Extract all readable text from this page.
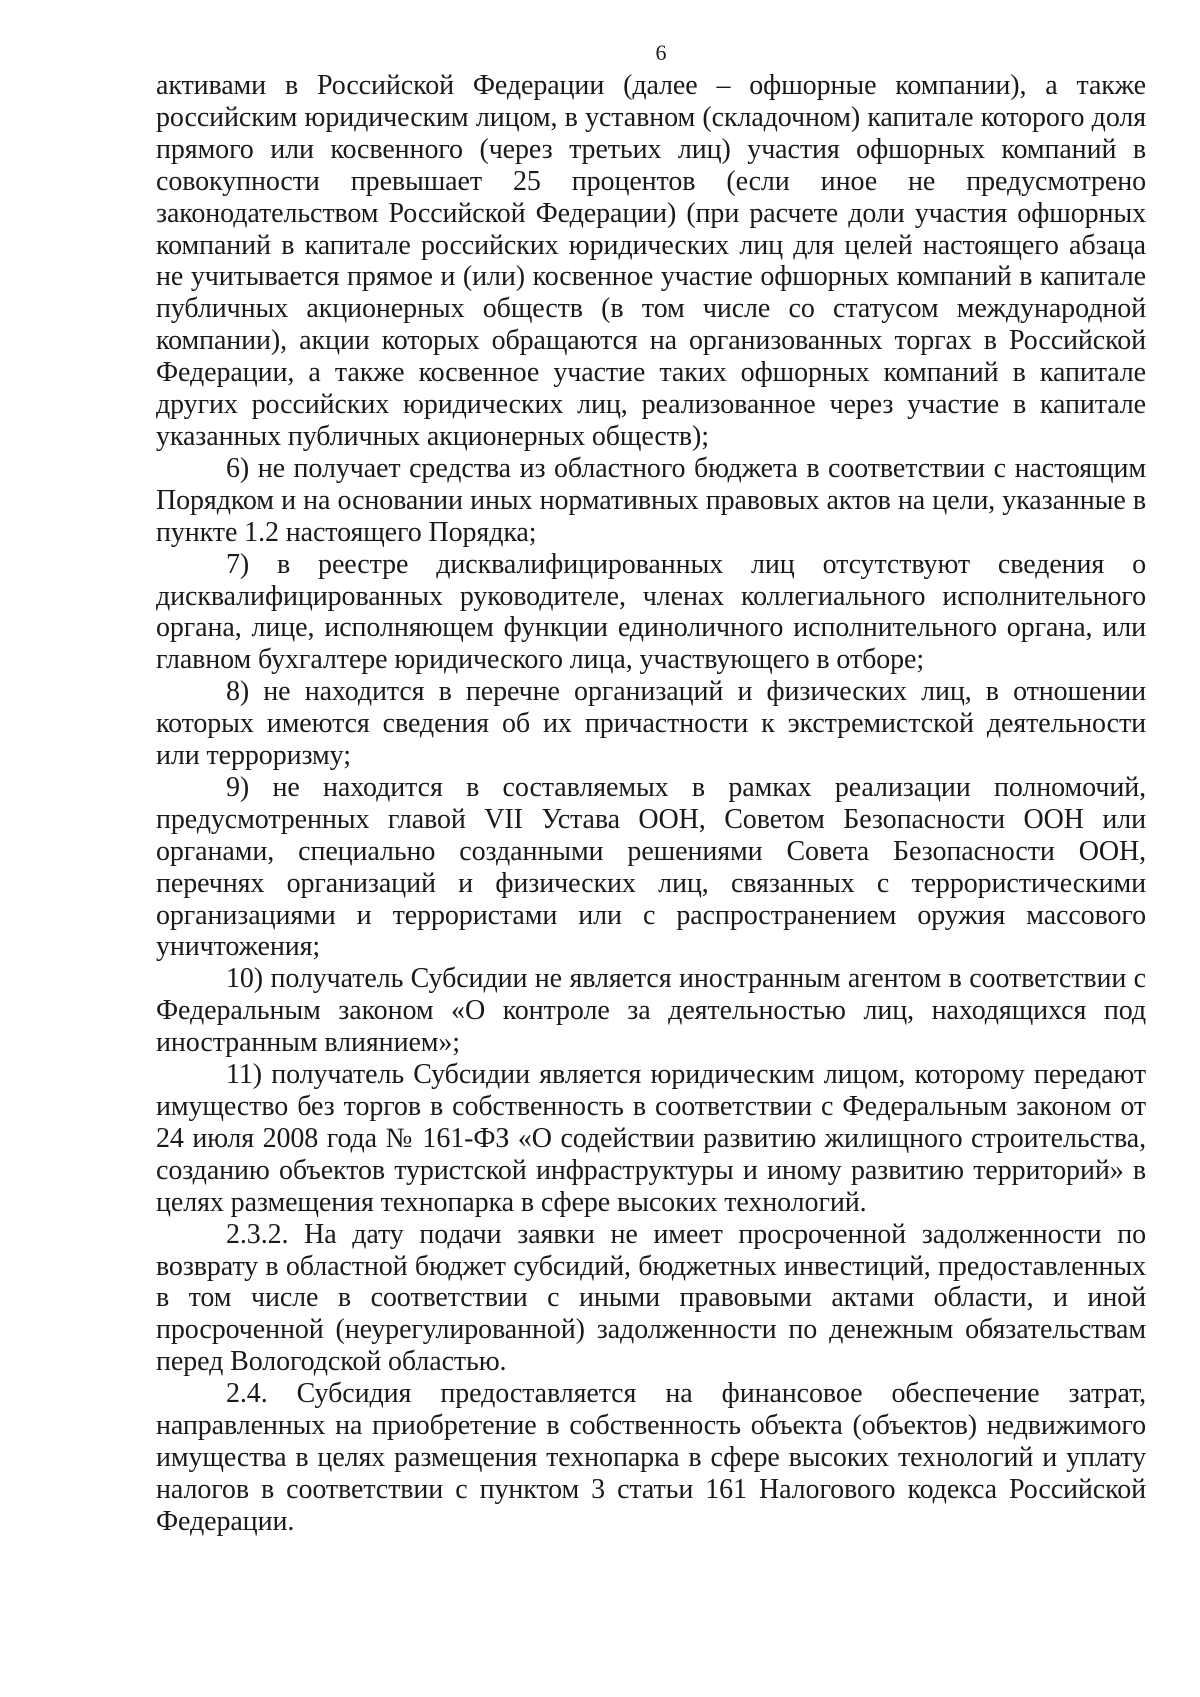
6

активами в Российской Федерации (далее – офшорные компании), а также российским юридическим лицом, в уставном (складочном) капитале которого доля прямого или косвенного (через третьих лиц) участия офшорных компаний в совокупности превышает 25 процентов (если иное не предусмотрено законодательством Российской Федерации) (при расчете доли участия офшорных компаний в капитале российских юридических лиц для целей настоящего абзаца не учитывается прямое и (или) косвенное участие офшорных компаний в капитале публичных акционерных обществ (в том числе со статусом международной компании), акции которых обращаются на организованных торгах в Российской Федерации, а также косвенное участие таких офшорных компаний в капитале других российских юридических лиц, реализованное через участие в капитале указанных публичных акционерных обществ);

6) не получает средства из областного бюджета в соответствии с настоящим Порядком и на основании иных нормативных правовых актов на цели, указанные в пункте 1.2 настоящего Порядка;

7) в реестре дисквалифицированных лиц отсутствуют сведения о дисквалифицированных руководителе, членах коллегиального исполнительного органа, лице, исполняющем функции единоличного исполнительного органа, или главном бухгалтере юридического лица, участвующего в отборе;

8) не находится в перечне организаций и физических лиц, в отношении которых имеются сведения об их причастности к экстремистской деятельности или терроризму;

9) не находится в составляемых в рамках реализации полномочий, предусмотренных главой VII Устава ООН, Советом Безопасности ООН или органами, специально созданными решениями Совета Безопасности ООН, перечнях организаций и физических лиц, связанных с террористическими организациями и террористами или с распространением оружия массового уничтожения;

10) получатель Субсидии не является иностранным агентом в соответствии с Федеральным законом «О контроле за деятельностью лиц, находящихся под иностранным влиянием»;

11) получатель Субсидии является юридическим лицом, которому передают имущество без торгов в собственность в соответствии с Федеральным законом от 24 июля 2008 года № 161-ФЗ «О содействии развитию жилищного строительства, созданию объектов туристской инфраструктуры и иному развитию территорий» в целях размещения технопарка в сфере высоких технологий.

2.3.2. На дату подачи заявки не имеет просроченной задолженности по возврату в областной бюджет субсидий, бюджетных инвестиций, предоставленных в том числе в соответствии с иными правовыми актами области, и иной просроченной (неурегулированной) задолженности по денежным обязательствам перед Вологодской областью.

2.4. Субсидия предоставляется на финансовое обеспечение затрат, направленных на приобретение в собственность объекта (объектов) недвижимого имущества в целях размещения технопарка в сфере высоких технологий и уплату налогов в соответствии с пунктом 3 статьи 161 Налогового кодекса Российской Федерации.
